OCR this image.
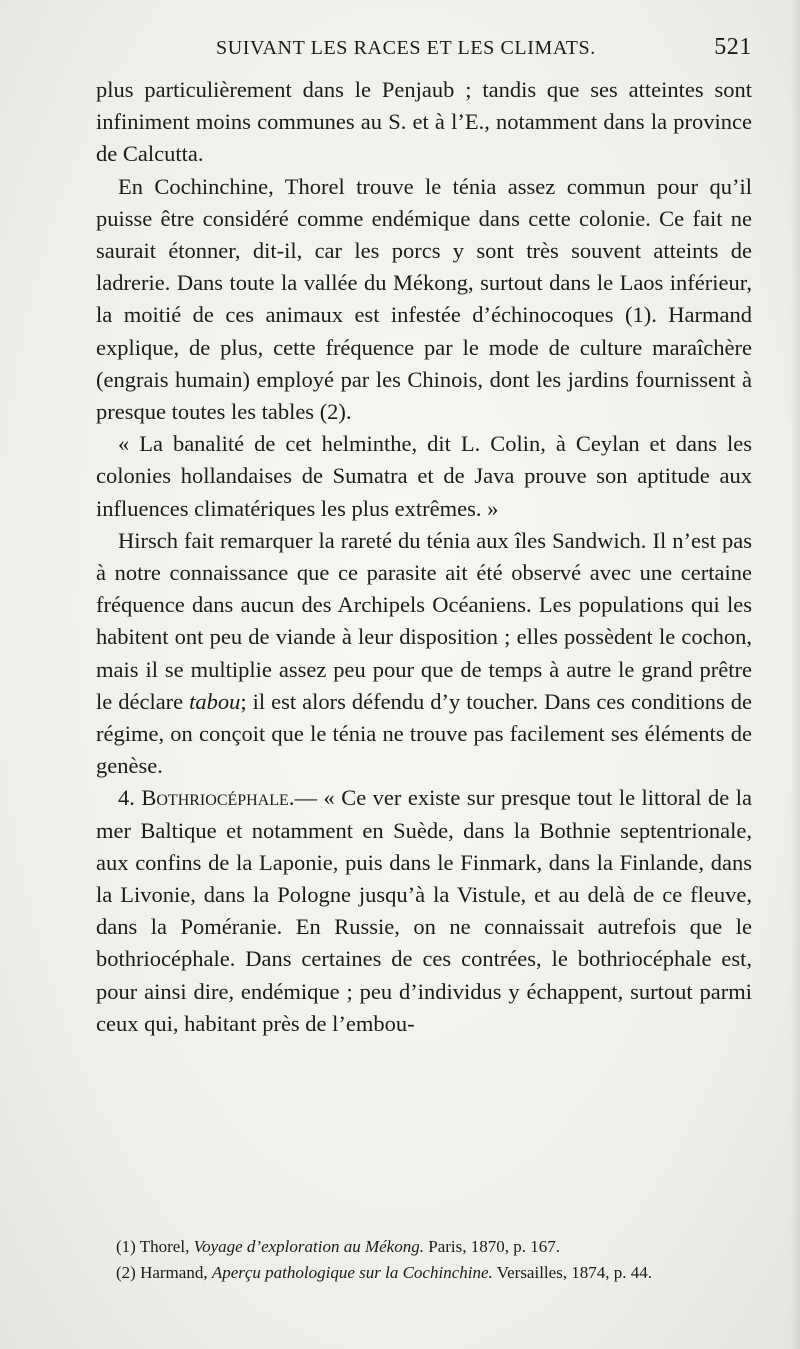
SUIVANT LES RACES ET LES CLIMATS.	521

plus particulièrement dans le Penjaub ; tandis que ses atteintes sont infiniment moins communes au S. et à l’E., notamment dans la province de Calcutta.

En Cochinchine, Thorel trouve le ténia assez commun pour qu’il puisse être considéré comme endémique dans cette colonie. Ce fait ne saurait étonner, dit-il, car les porcs y sont très souvent atteints de ladrerie. Dans toute la vallée du Mékong, surtout dans le Laos inférieur, la moitié de ces animaux est infestée d’échinocoques (1). Harmand explique, de plus, cette fréquence par le mode de culture maraîchère (engrais humain) employé par les Chinois, dont les jardins fournissent à presque toutes les tables (2).

« La banalité de cet helminthe, dit L. Colin, à Ceylan et dans les colonies hollandaises de Sumatra et de Java prouve son aptitude aux influences climatériques les plus extrêmes. »

Hirsch fait remarquer la rareté du ténia aux îles Sandwich. Il n’est pas à notre connaissance que ce parasite ait été observé avec une certaine fréquence dans aucun des Archipels Océaniens. Les populations qui les habitent ont peu de viande à leur disposition ; elles possèdent le cochon, mais il se multiplie assez peu pour que de temps à autre le grand prêtre le déclare tabou; il est alors défendu d’y toucher. Dans ces conditions de régime, on conçoit que le ténia ne trouve pas facilement ses éléments de genèse.

4. Bothriocéphale.— « Ce ver existe sur presque tout le littoral de la mer Baltique et notamment en Suède, dans la Bothnie septentrionale, aux confins de la Laponie, puis dans le Finmark, dans la Finlande, dans la Livonie, dans la Pologne jusqu’à la Vistule, et au delà de ce fleuve, dans la Poméranie. En Russie, on ne connaissait autrefois que le bothriocéphale. Dans certaines de ces contrées, le bothriocéphale est, pour ainsi dire, endémique ; peu d’individus y échappent, surtout parmi ceux qui, habitant près de l’embou-

(1) Thorel, Voyage d’exploration au Mékong. Paris, 1870, p. 167.

(2) Harmand, Aperçu pathologique sur la Cochinchine. Versailles, 1874, p. 44.
